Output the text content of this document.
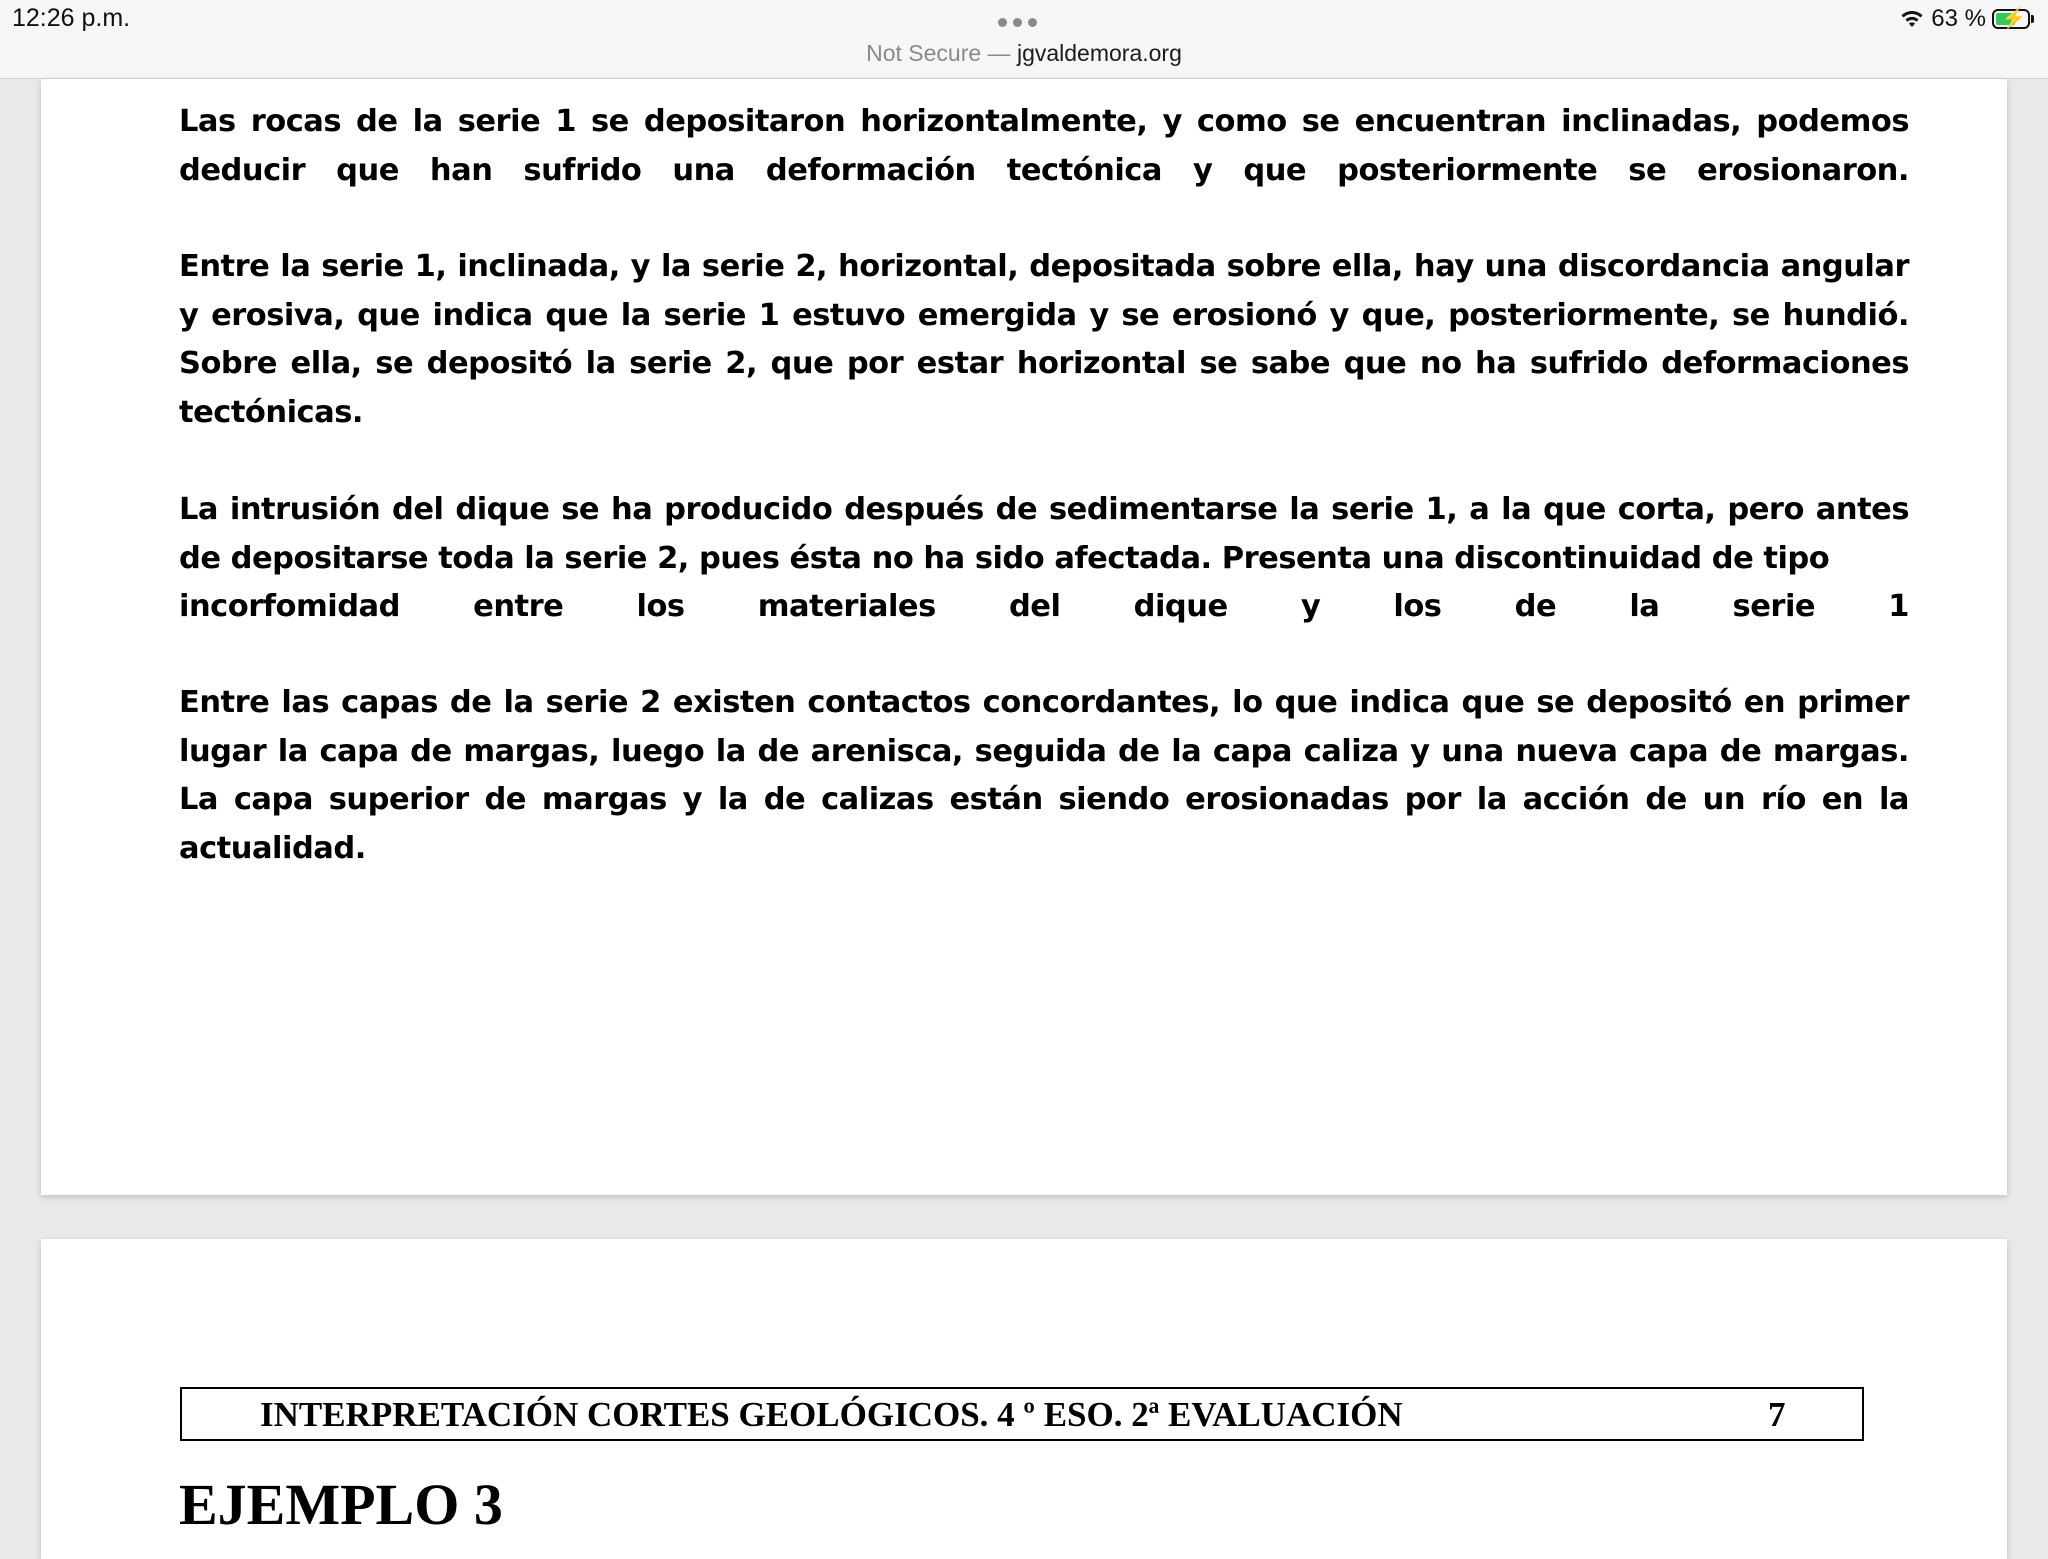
12:26 p.m.
Not Secure — jgvaldemora.org
63 % ⚡

Las rocas de la serie 1 se depositaron horizontalmente, y como se encuentran inclinadas, podemos deducir que han sufrido una deformación tectónica y que posteriormente se erosionaron.

Entre la serie 1, inclinada, y la serie 2, horizontal, depositada sobre ella, hay una discordancia angular y erosiva, que indica que la serie 1 estuvo emergida y se erosionó y que, posteriormente, se hundió. Sobre ella, se depositó la serie 2, que por estar horizontal se sabe que no ha sufrido deformaciones tectónicas.

La intrusión del dique se ha producido después de sedimentarse la serie 1, a la que corta, pero antes de depositarse toda la serie 2, pues ésta no ha sido afectada. Presenta una discontinuidad de tipo
incorfomidad entre los materiales del dique y los de la serie 1

Entre las capas de la serie 2 existen contactos concordantes, lo que indica que se depositó en primer lugar la capa de margas, luego la de arenisca, seguida de la capa caliza y una nueva capa de margas. La capa superior de margas y la de calizas están siendo erosionadas por la acción de un río en la actualidad.

INTERPRETACIÓN CORTES GEOLÓGICOS. 4 º ESO. 2ª EVALUACIÓN	7
EJEMPLO 3
